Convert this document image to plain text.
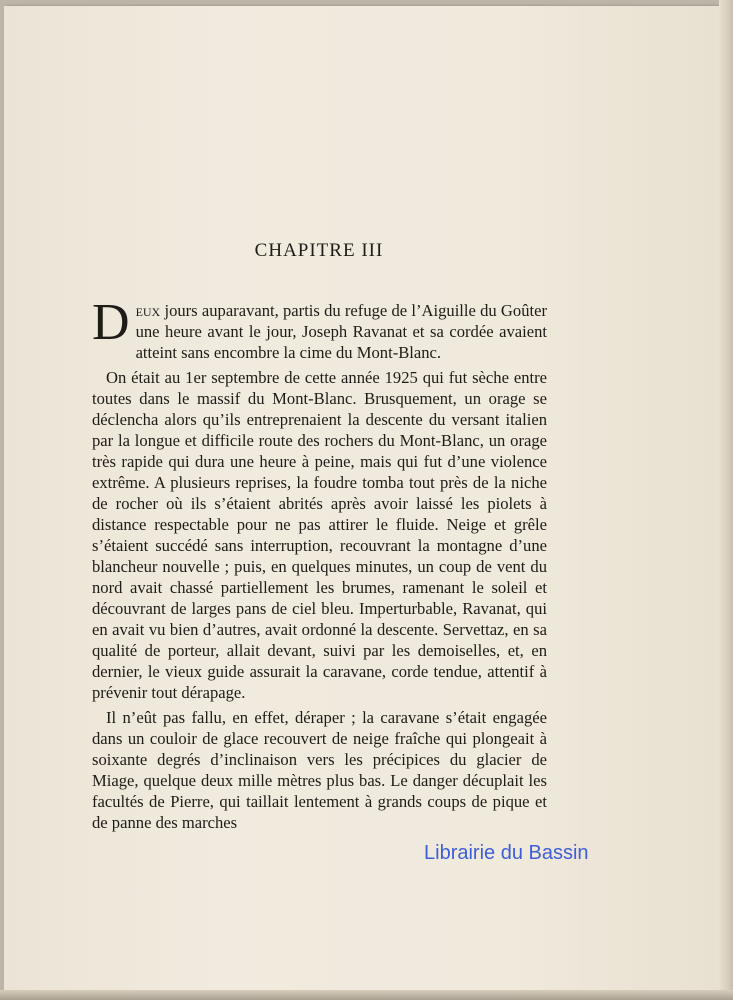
CHAPITRE III

Deux jours auparavant, partis du refuge de l’Aiguille du Goûter une heure avant le jour, Joseph Ravanat et sa cordée avaient atteint sans encombre la cime du Mont-Blanc.

On était au 1er septembre de cette année 1925 qui fut sèche entre toutes dans le massif du Mont-Blanc. Brusquement, un orage se déclencha alors qu’ils entreprenaient la descente du versant italien par la longue et difficile route des rochers du Mont-Blanc, un orage très rapide qui dura une heure à peine, mais qui fut d’une violence extrême. A plusieurs reprises, la foudre tomba tout près de la niche de rocher où ils s’étaient abrités après avoir laissé les piolets à distance respectable pour ne pas attirer le fluide. Neige et grêle s’étaient succédé sans interruption, recouvrant la montagne d’une blancheur nouvelle ; puis, en quelques minutes, un coup de vent du nord avait chassé partiellement les brumes, ramenant le soleil et découvrant de larges pans de ciel bleu. Imperturbable, Ravanat, qui en avait vu bien d’autres, avait ordonné la descente. Servettaz, en sa qualité de porteur, allait devant, suivi par les demoiselles, et, en dernier, le vieux guide assurait la caravane, corde tendue, attentif à prévenir tout dérapage.

Il n’eût pas fallu, en effet, déraper ; la caravane s’était engagée dans un couloir de glace recouvert de neige fraîche qui plongeait à soixante degrés d’inclinaison vers les précipices du glacier de Miage, quelque deux mille mètres plus bas. Le danger décuplait les facultés de Pierre, qui taillait lentement à grands coups de pique et de panne des marches

Librairie du Bassin
